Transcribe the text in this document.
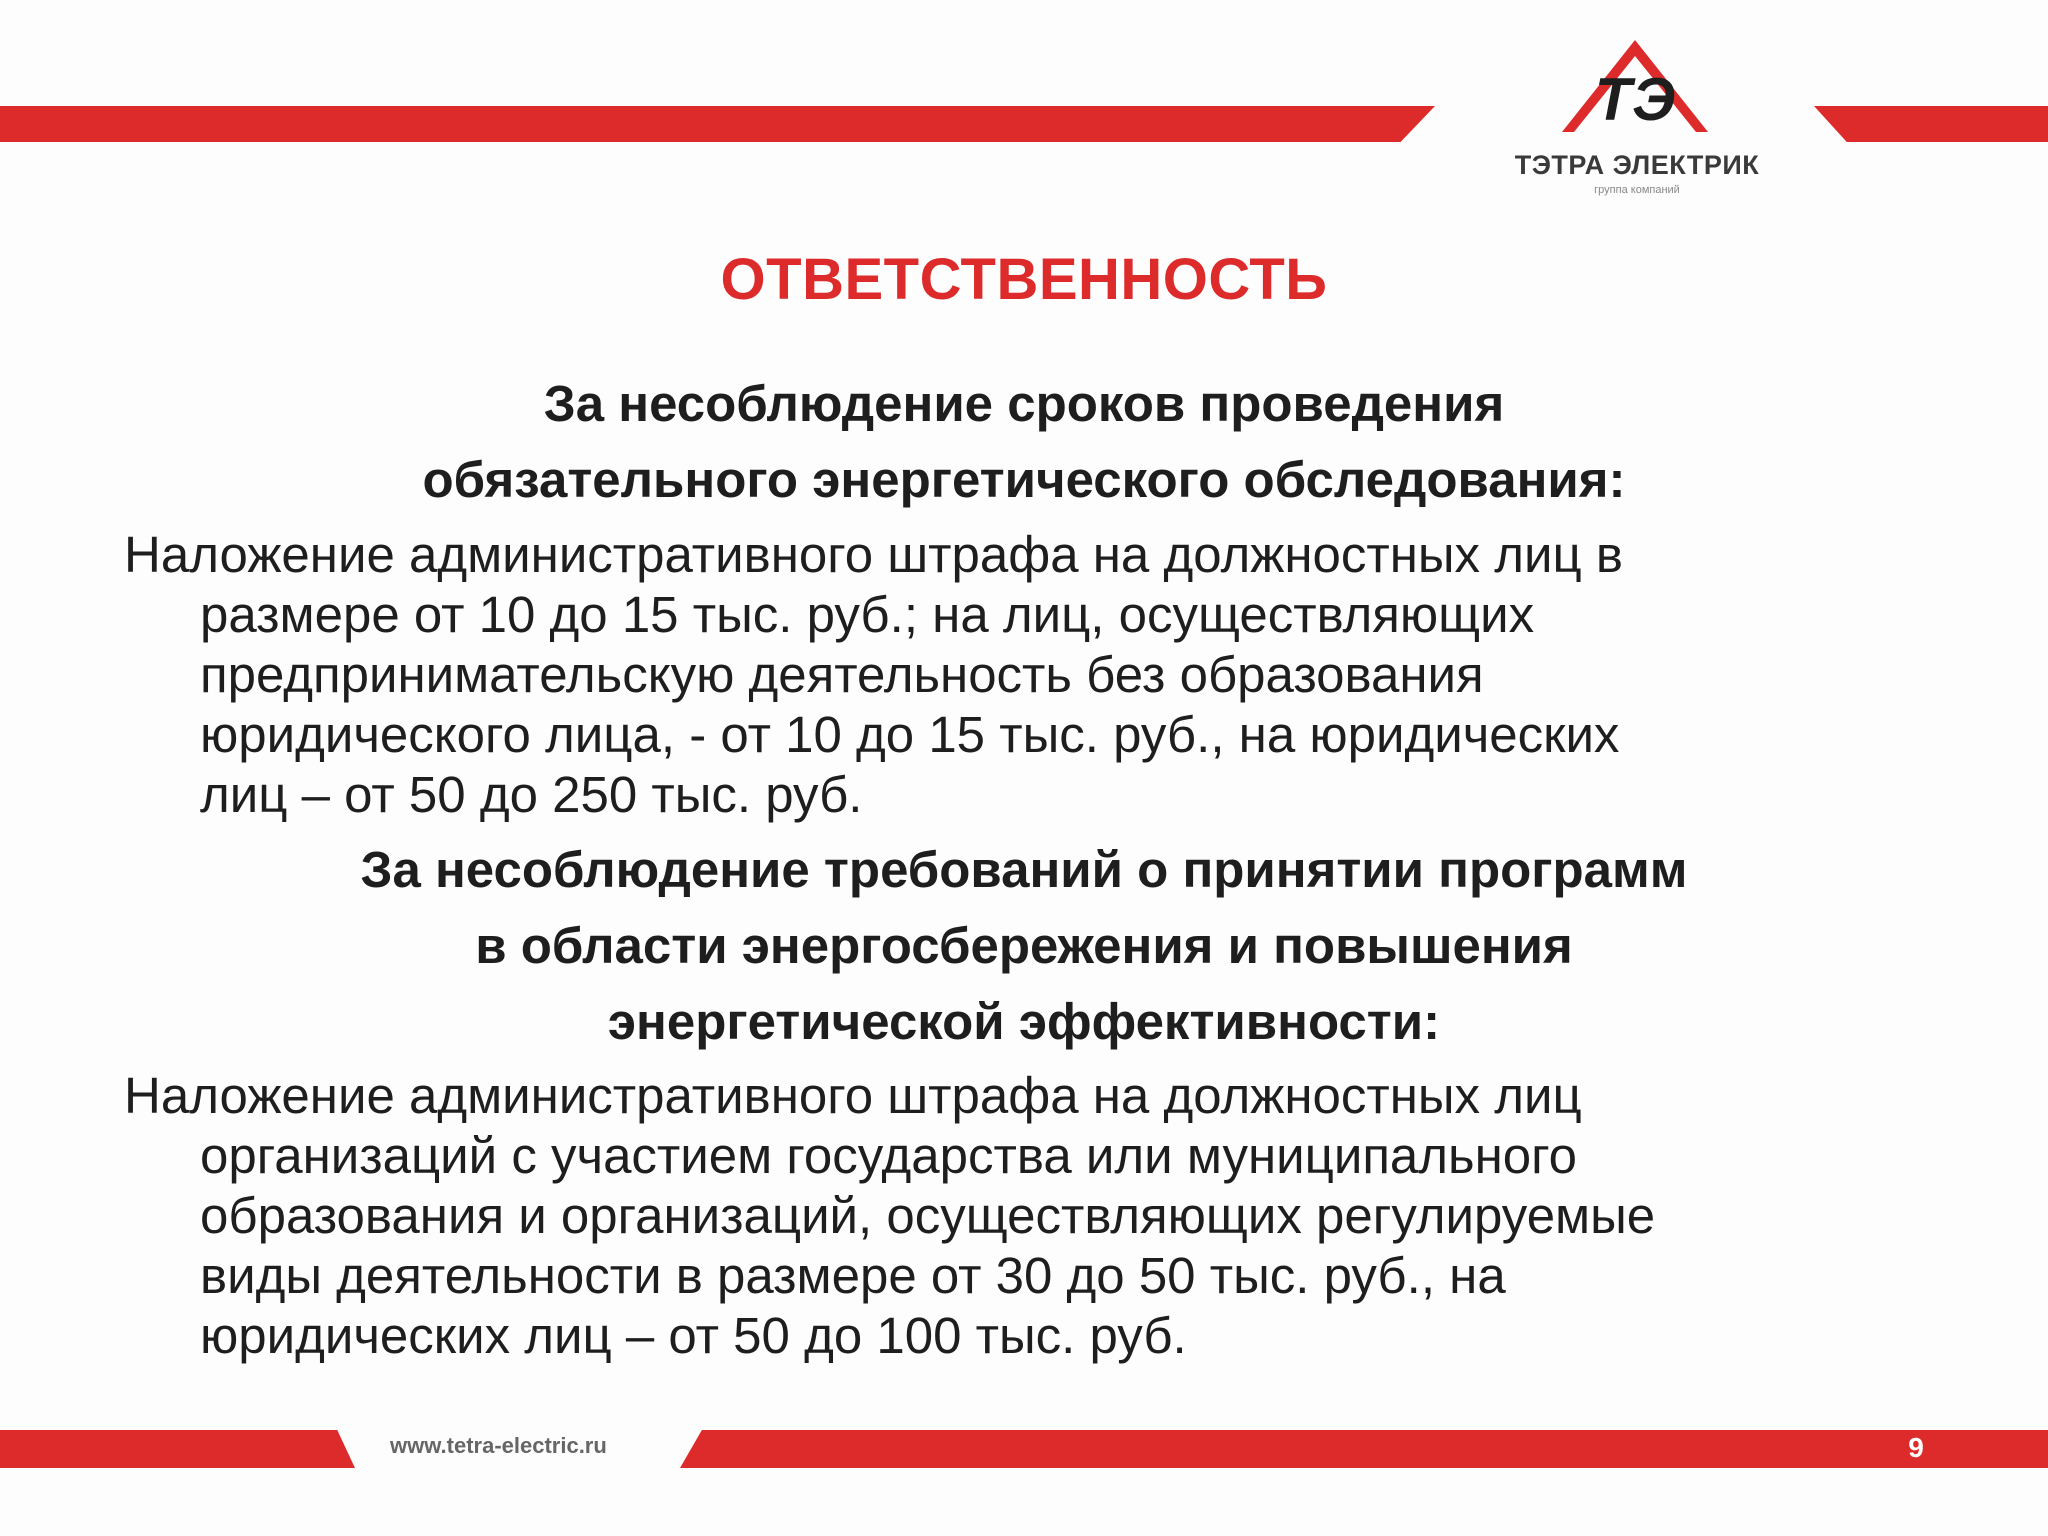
ТЭ
ТЭТРА ЭЛЕКТРИК
группа компаний
ОТВЕТСТВЕННОСТЬ
За несоблюдение сроков проведения
обязательного энергетического обследования:
Наложение административного штрафа на должностных лиц в
размере от 10 до 15 тыс. руб.; на лиц, осуществляющих
предпринимательскую деятельность без образования
юридического лица, - от 10 до 15 тыс. руб., на юридических
лиц – от 50 до 250 тыс. руб.
За несоблюдение требований о принятии программ
в области энергосбережения и повышения
энергетической эффективности:
Наложение административного штрафа на должностных лиц
организаций с участием государства или муниципального
образования и организаций, осуществляющих регулируемые
виды деятельности в размере от 30 до 50 тыс. руб., на
юридических лиц – от 50 до 100 тыс. руб.
www.tetra-electric.ru	9
